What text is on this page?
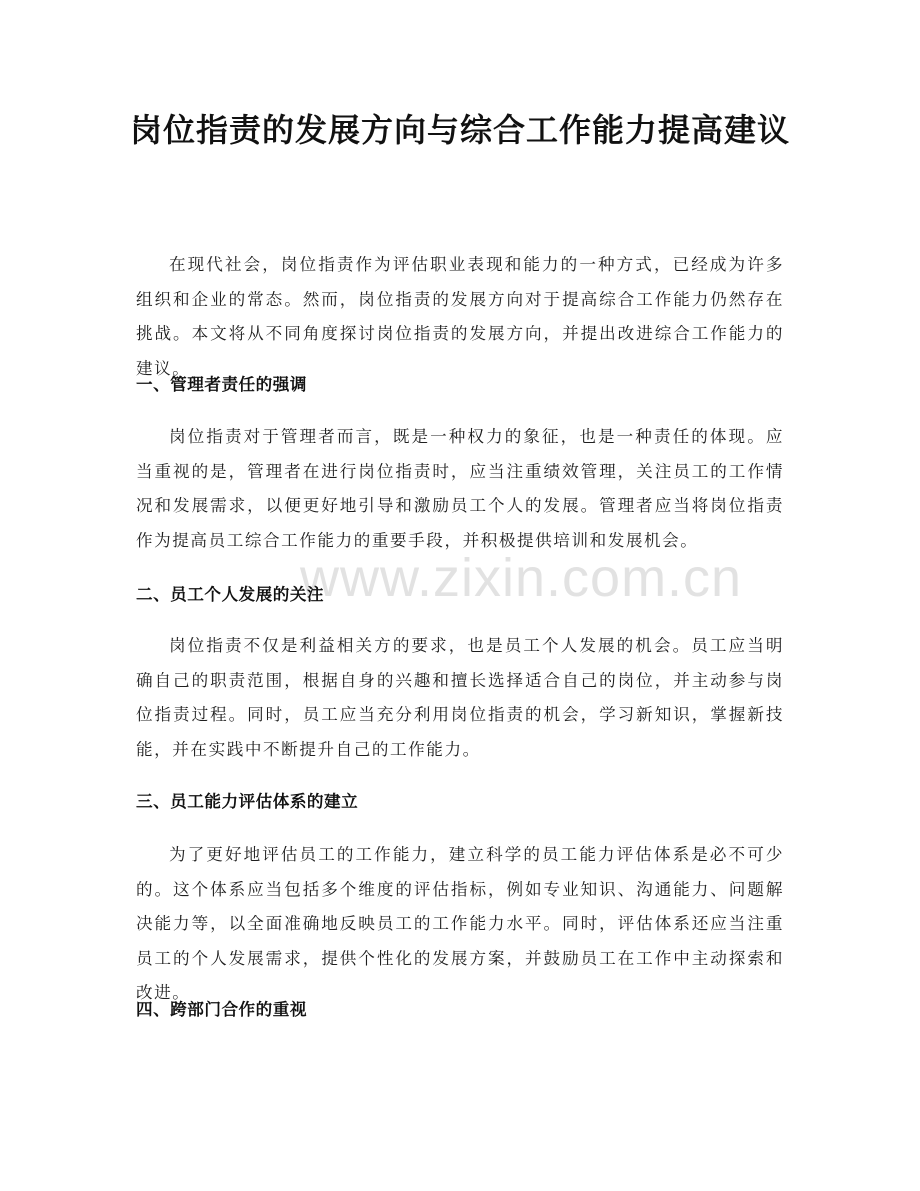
www.zixin.com.cn
岗位指责的发展方向与综合工作能力提高建议

在现代社会，岗位指责作为评估职业表现和能力的一种方式，已经成为许多组织和企业的常态。然而，岗位指责的发展方向对于提高综合工作能力仍然存在挑战。本文将从不同角度探讨岗位指责的发展方向，并提出改进综合工作能力的建议。

一、管理者责任的强调

岗位指责对于管理者而言，既是一种权力的象征，也是一种责任的体现。应当重视的是，管理者在进行岗位指责时，应当注重绩效管理，关注员工的工作情况和发展需求，以便更好地引导和激励员工个人的发展。管理者应当将岗位指责作为提高员工综合工作能力的重要手段，并积极提供培训和发展机会。

二、员工个人发展的关注

岗位指责不仅是利益相关方的要求，也是员工个人发展的机会。员工应当明确自己的职责范围，根据自身的兴趣和擅长选择适合自己的岗位，并主动参与岗位指责过程。同时，员工应当充分利用岗位指责的机会，学习新知识，掌握新技能，并在实践中不断提升自己的工作能力。

三、员工能力评估体系的建立

为了更好地评估员工的工作能力，建立科学的员工能力评估体系是必不可少的。这个体系应当包括多个维度的评估指标，例如专业知识、沟通能力、问题解决能力等，以全面准确地反映员工的工作能力水平。同时，评估体系还应当注重员工的个人发展需求，提供个性化的发展方案，并鼓励员工在工作中主动探索和改进。

四、跨部门合作的重视
